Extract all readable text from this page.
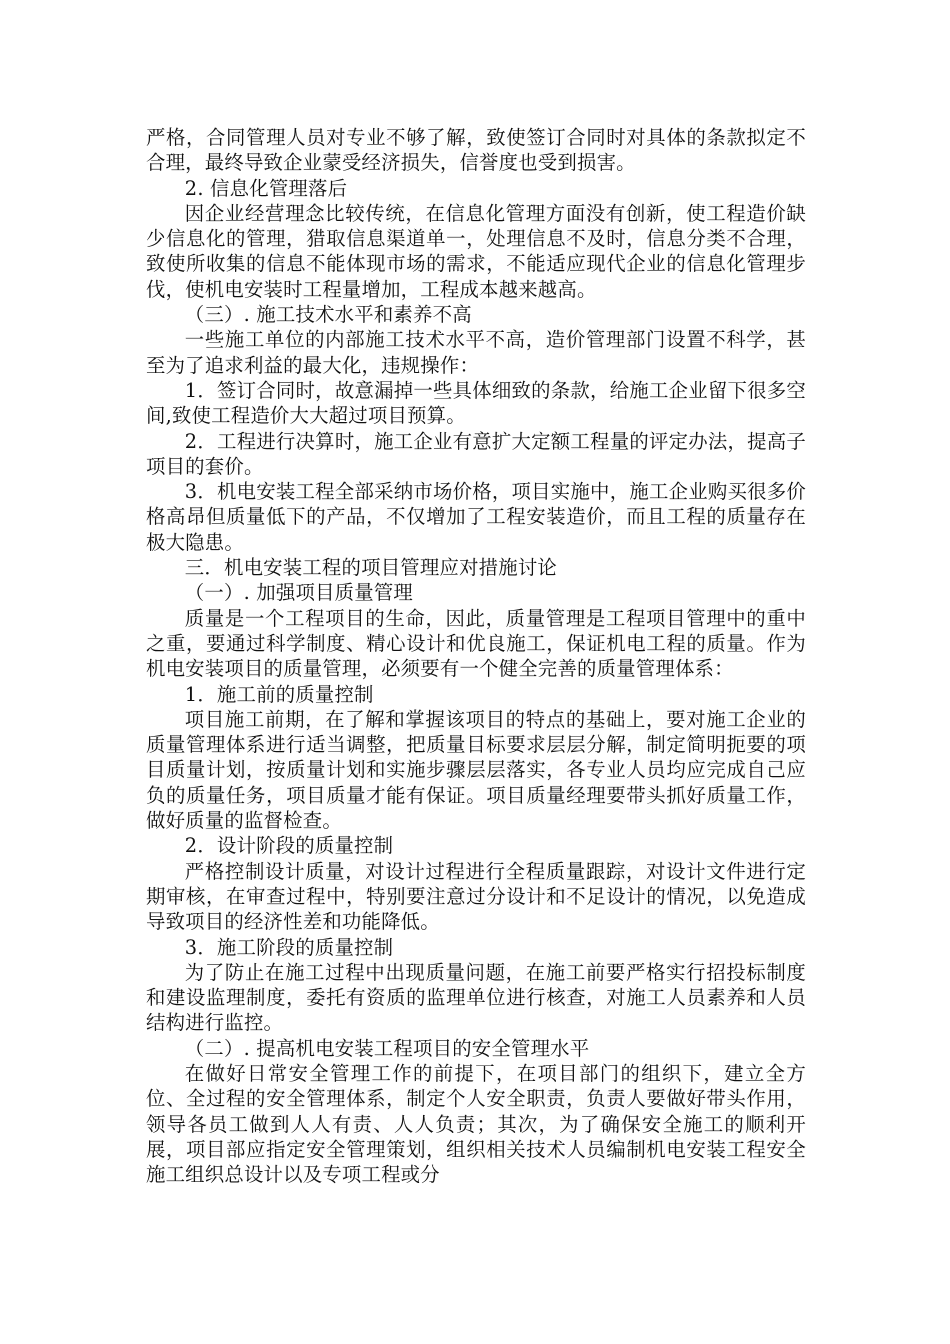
严格，合同管理人员对专业不够了解，致使签订合同时对具体的条款拟定不合理，最终导致企业蒙受经济损失，信誉度也受到损害。

2. 信息化管理落后

因企业经营理念比较传统，在信息化管理方面没有创新，使工程造价缺少信息化的管理，猎取信息渠道单一，处理信息不及时，信息分类不合理，致使所收集的信息不能体现市场的需求，不能适应现代企业的信息化管理步伐，使机电安装时工程量增加，工程成本越来越高。

（三）. 施工技术水平和素养不高

一些施工单位的内部施工技术水平不高，造价管理部门设置不科学，甚至为了追求利益的最大化，违规操作：

1．签订合同时，故意漏掉一些具体细致的条款，给施工企业留下很多空间,致使工程造价大大超过项目预算。

2．工程进行决算时，施工企业有意扩大定额工程量的评定办法，提高子项目的套价。

3．机电安装工程全部采纳市场价格，项目实施中，施工企业购买很多价格高昂但质量低下的产品，不仅增加了工程安装造价，而且工程的质量存在极大隐患。

三．机电安装工程的项目管理应对措施讨论

（一）. 加强项目质量管理

质量是一个工程项目的生命，因此，质量管理是工程项目管理中的重中之重，要通过科学制度、精心设计和优良施工，保证机电工程的质量。作为机电安装项目的质量管理，必须要有一个健全完善的质量管理体系：

1．施工前的质量控制

项目施工前期，在了解和掌握该项目的特点的基础上，要对施工企业的质量管理体系进行适当调整，把质量目标要求层层分解，制定简明扼要的项目质量计划，按质量计划和实施步骤层层落实，各专业人员均应完成自己应负的质量任务，项目质量才能有保证。项目质量经理要带头抓好质量工作，做好质量的监督检查。

2．设计阶段的质量控制

严格控制设计质量，对设计过程进行全程质量跟踪，对设计文件进行定期审核，在审查过程中，特别要注意过分设计和不足设计的情况，以免造成导致项目的经济性差和功能降低。

3．施工阶段的质量控制

为了防止在施工过程中出现质量问题，在施工前要严格实行招投标制度和建设监理制度，委托有资质的监理单位进行核查，对施工人员素养和人员结构进行监控。

（二）. 提高机电安装工程项目的安全管理水平

在做好日常安全管理工作的前提下，在项目部门的组织下，建立全方位、全过程的安全管理体系，制定个人安全职责，负责人要做好带头作用，领导各员工做到人人有责、人人负责；其次，为了确保安全施工的顺利开展，项目部应指定安全管理策划，组织相关技术人员编制机电安装工程安全施工组织总设计以及专项工程或分
